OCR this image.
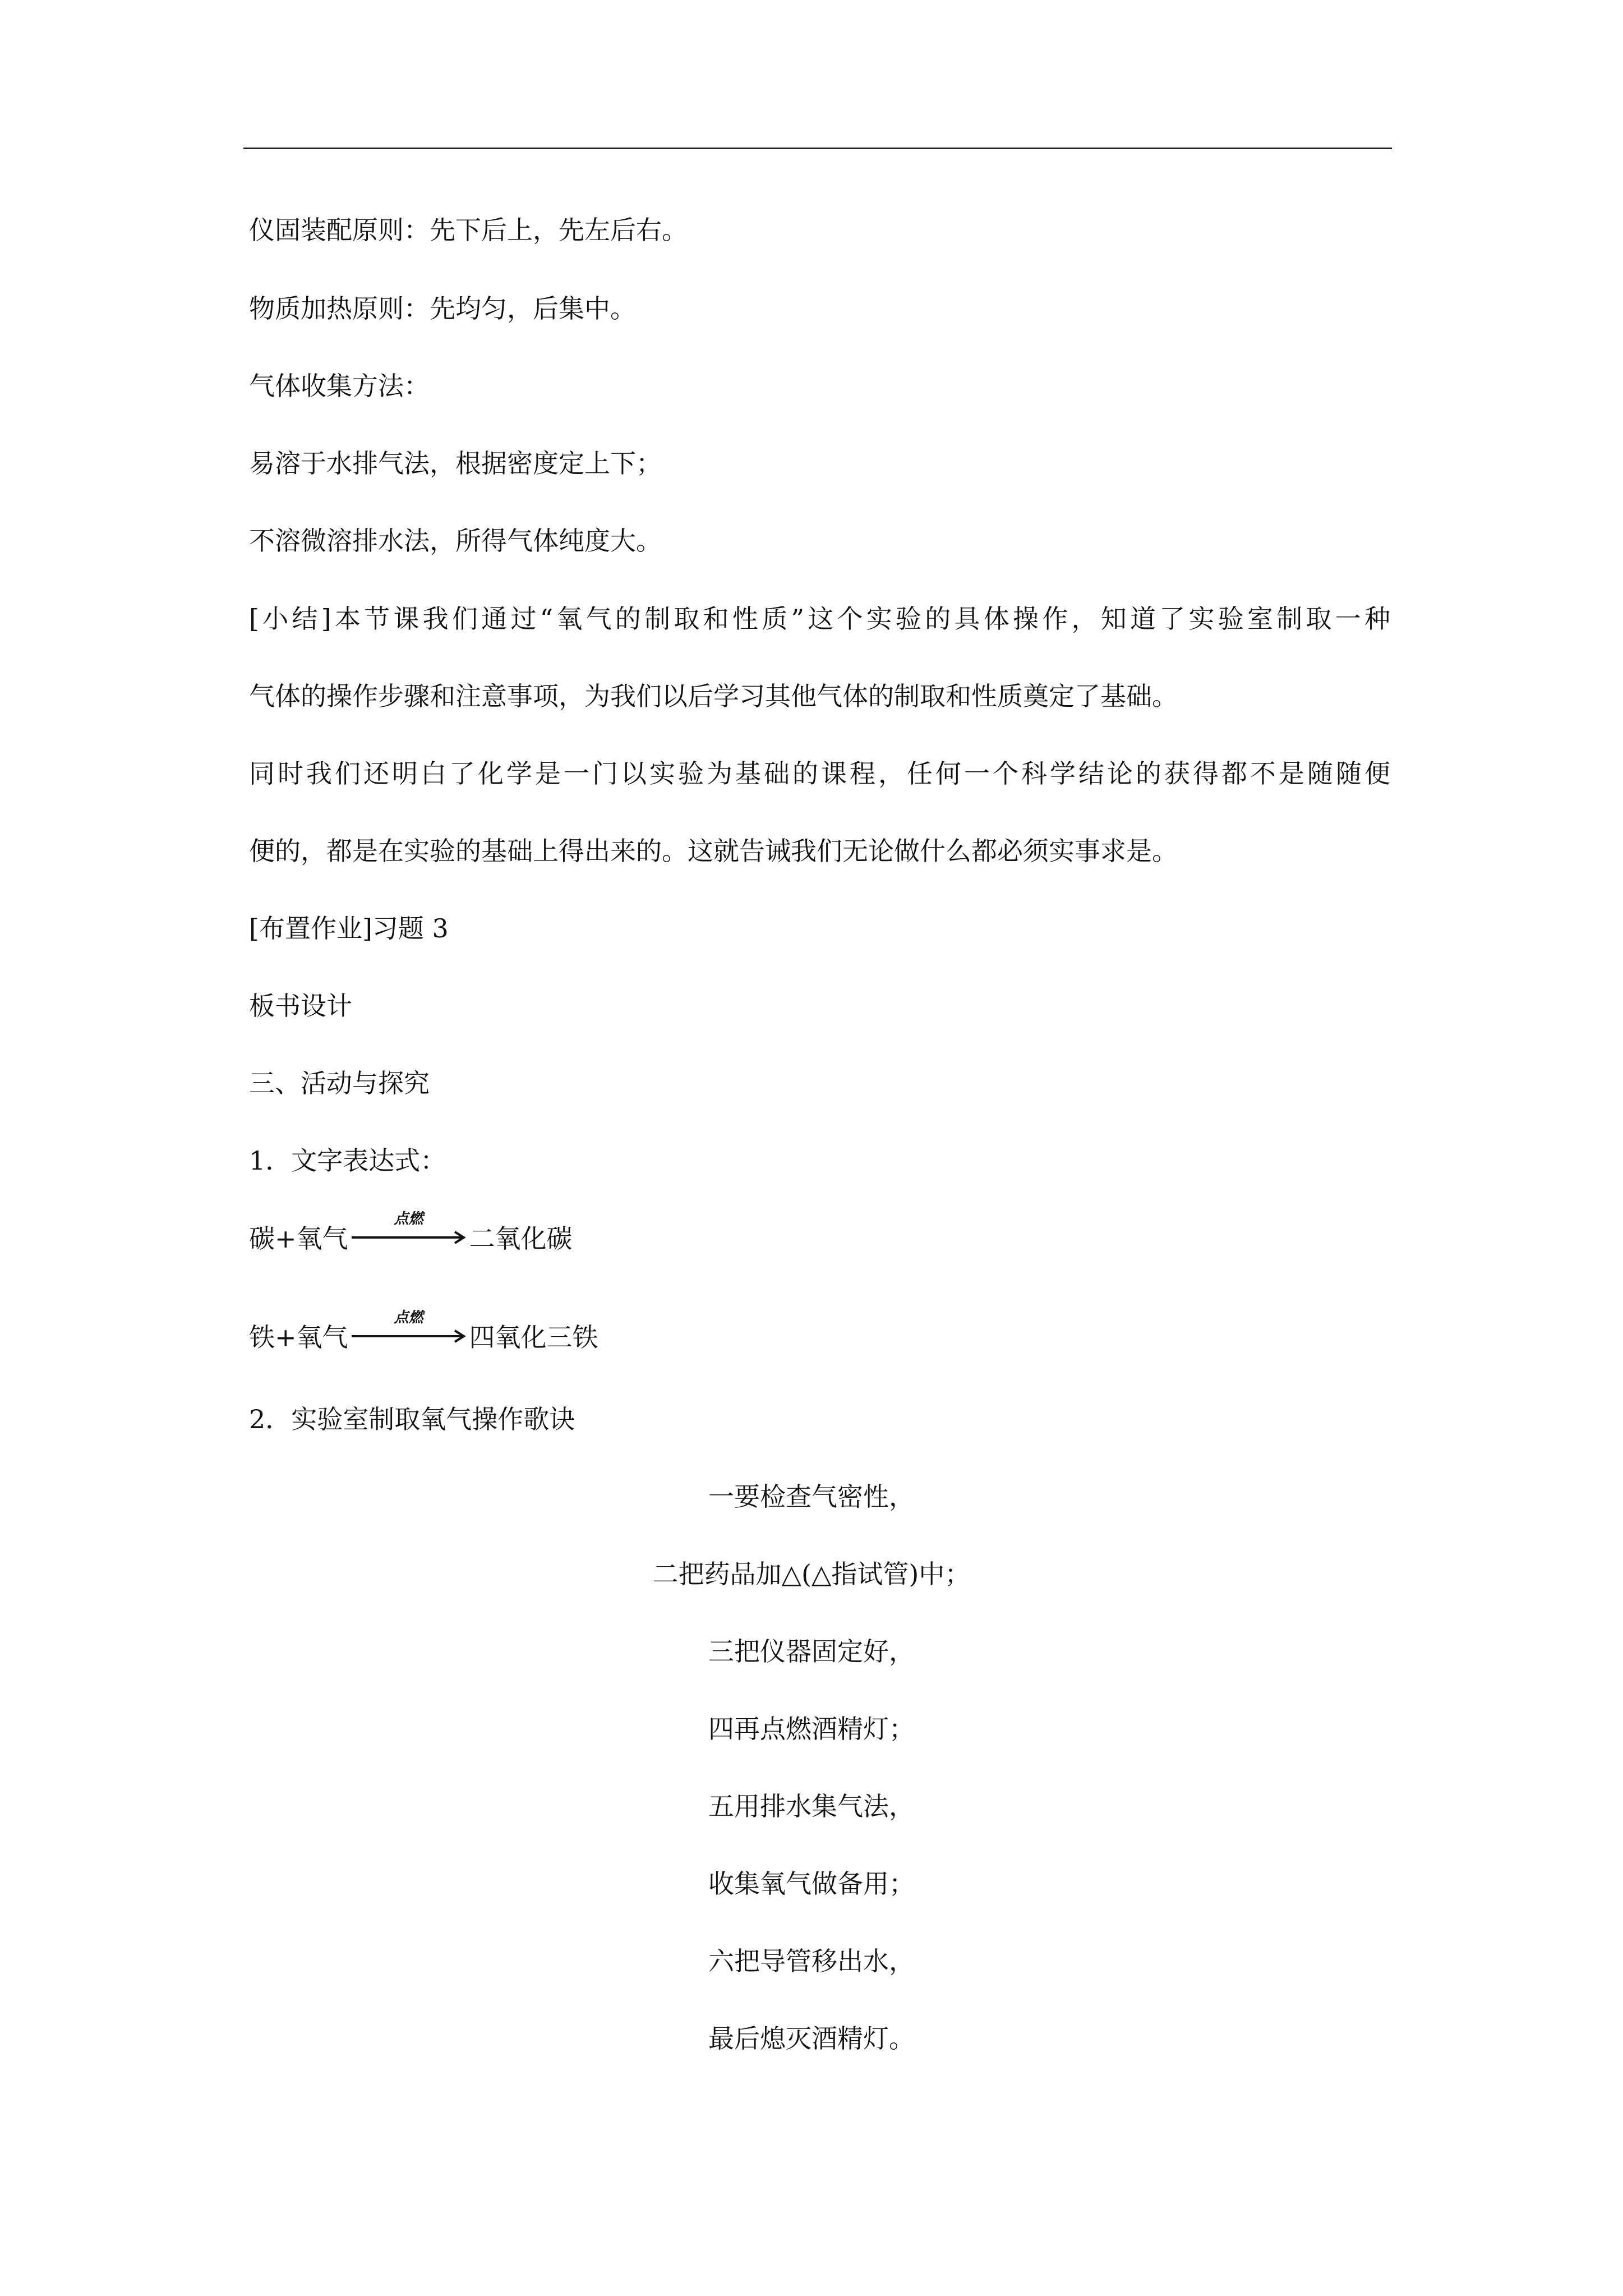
仪固装配原则：先下后上，先左后右。
物质加热原则：先均匀，后集中。
气体收集方法：
易溶于水排气法，根据密度定上下；
不溶微溶排水法，所得气体纯度大。
[小结]本节课我们通过“氧气的制取和性质”这个实验的具体操作，知道了实验室制取一种
气体的操作步骤和注意事项，为我们以后学习其他气体的制取和性质奠定了基础。
同时我们还明白了化学是一门以实验为基础的课程，任何一个科学结论的获得都不是随随便
便的，都是在实验的基础上得出来的。这就告诫我们无论做什么都必须实事求是。
[布置作业]习题 3
板书设计
三、活动与探究
1．文字表达式：
碳+氧气
点燃
二氧化碳
铁+氧气
点燃
四氧化三铁
2．实验室制取氧气操作歌诀
一要检查气密性，
二把药品加△(△指试管)中；
三把仪器固定好，
四再点燃酒精灯；
五用排水集气法，
收集氧气做备用；
六把导管移出水，
最后熄灭酒精灯。
